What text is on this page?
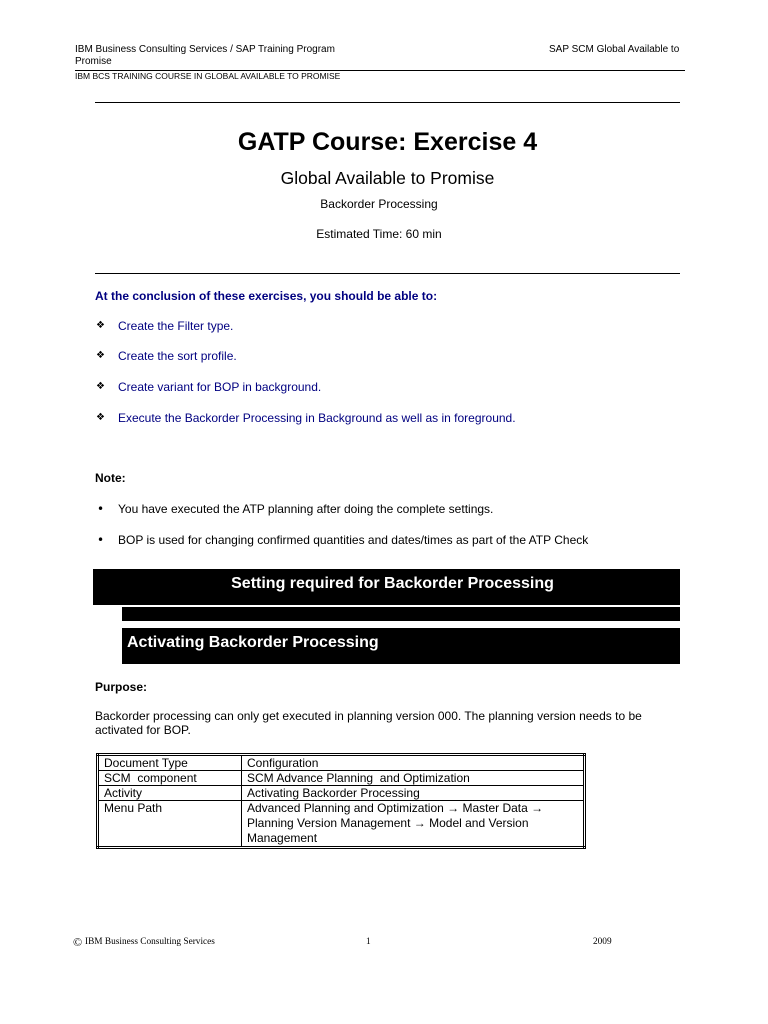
IBM Business Consulting Services / SAP Training Program	SAP SCM Global Available to
Promise
IBM BCS TRAINING COURSE IN GLOBAL AVAILABLE TO PROMISE
GATP Course: Exercise 4
Global Available to Promise
Backorder Processing
Estimated Time: 60 min
At the conclusion of these exercises, you should be able to:
❖
Create the Filter type.
❖
Create the sort profile.
❖
Create variant for BOP in background.
❖
Execute the Backorder Processing in Background as well as in foreground.
Note:
•
You have executed the ATP planning after doing the complete settings.
•
BOP is used for changing confirmed quantities and dates/times as part of the ATP Check
Setting required for Backorder Processing
Activating Backorder Processing
Purpose:
Backorder processing can only get executed in planning version 000. The planning version needs to be activated for BOP.
Document Type	Configuration
SCM  component	SCM Advance Planning  and Optimization
Activity	Activating Backorder Processing
Menu Path	Advanced Planning and Optimization → Master Data → Planning Version Management → Model and Version Management
© IBM Business Consulting Services	1	2009
